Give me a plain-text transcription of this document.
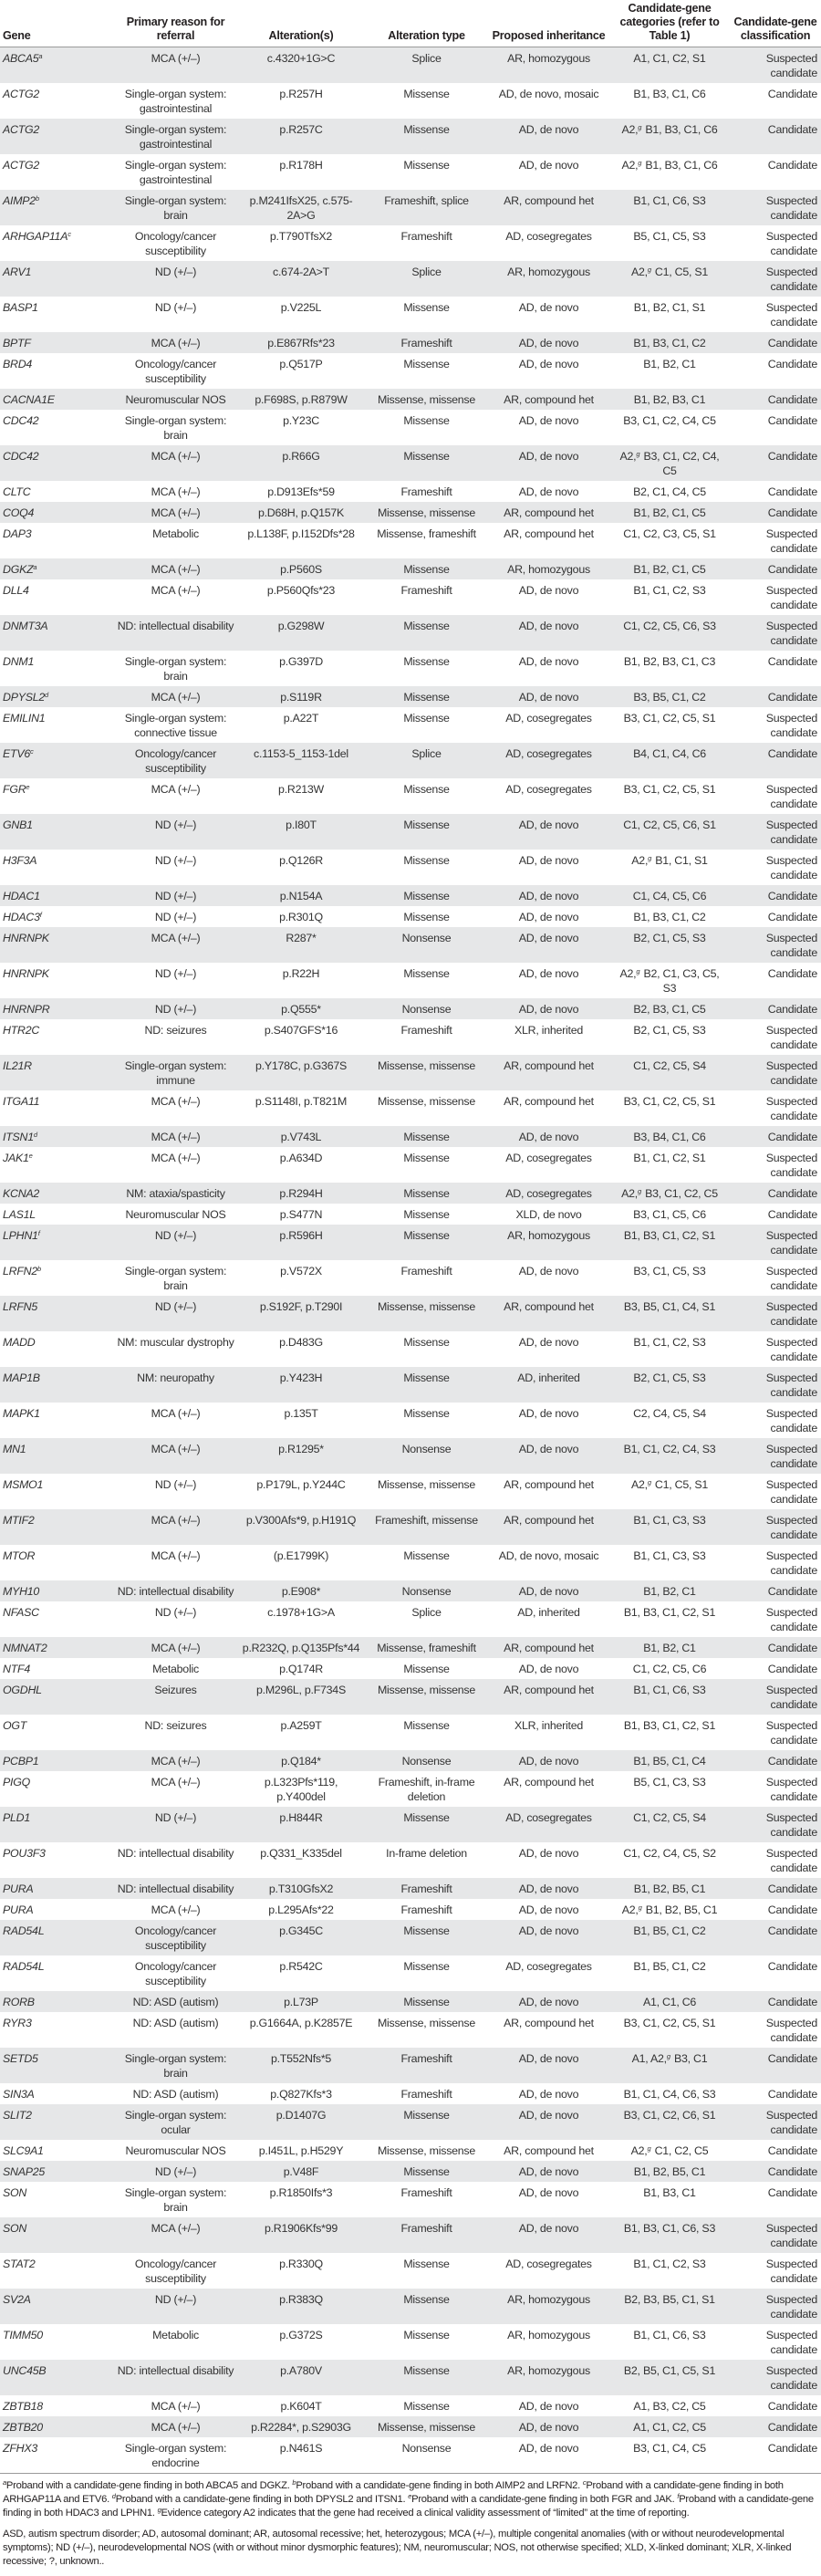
Gene	Primary reason for referral	Alteration(s)	Alteration type	Proposed inheritance	Candidate-gene categories (refer to Table 1)	Candidate-gene classification
ABCA5$^a$	MCA (+/–)	c.4320+1G>C	Splice	AR, homozygous	A1, C1, C2, S1	Suspected candidate
ACTG2	Single-organ system: gastrointestinal	p.R257H	Missense	AD, de novo, mosaic	B1, B3, C1, C6	Candidate
ACTG2	Single-organ system: gastrointestinal	p.R257C	Missense	AD, de novo	A2, g B1, B3, C1, C6	Candidate
ACTG2	Single-organ system: gastrointestinal	p.R178H	Missense	AD, de novo	A2, g B1, B3, C1, C6	Candidate
AIMP2$^b$	Single-organ system: brain	p.M241IfsX25, c.575-2A>G	Frameshift, splice	AR, compound het	B1, C1, C6, S3	Suspected candidate
$ARHGAP11A^c$	Oncology/cancer susceptibility	p.T790TfsX2	Frameshift	AD, cosegregates	B5, C1, C5, S3	Suspected candidate
ARV1	ND (+/–)	c.674-2A>T	Splice	AR, homozygous	A2, g C1, C5, S1	Suspected candidate
BASP1	ND (+/–)	p.V225L	Missense	AD, de novo	B1, B2, C1, S1	Suspected candidate
BPTF	MCA (+/–)	p.E867Rfs*23	Frameshift	AD, de novo	B1, B3, C1, C2	Candidate
BRD4	Oncology/cancer susceptibility	p.Q517P	Missense	AD, de novo	B1, B2, C1	Candidate
CACNA1E	Neuromuscular NOS	p.F698S, p.R879W	Missense, missense	AR, compound het	B1, B2, B3, C1	Candidate
CDC42	Single-organ system: brain	p.Y23C	Missense	AD, de novo	B3, C1, C2, C4, C5	Candidate
CDC42	MCA (+/–)	p.R66G	Missense	AD, de novo	A2, g B3, C1, C2, C4, C5	Candidate
CLTC	MCA (+/–)	p.D913Efs*59	Frameshift	AD, de novo	B2, C1, C4, C5	Candidate
COQ4	MCA (+/–)	p.D68H, p.Q157K	Missense, missense	AR, compound het	B1, B2, C1, C5	Candidate
DAP3	Metabolic	p.L138F, p.I152Dfs*28	Missense, frameshift	AR, compound het	C1, C2, C3, C5, S1	Suspected candidate
DGKZ$^a$	MCA (+/–)	p.P560S	Missense	AR, homozygous	B1, B2, C1, C5	Candidate
DLL4	MCA (+/–)	p.P560Qfs*23	Frameshift	AD, de novo	B1, C1, C2, S3	Suspected candidate
DNMT3A	ND: intellectual disability	p.G298W	Missense	AD, de novo	C1, C2, C5, C6, S3	Suspected candidate
DNM1	Single-organ system: brain	p.G397D	Missense	AD, de novo	B1, B2, B3, C1, C3	Candidate
DPYSL2$^d$	MCA (+/–)	p.S119R	Missense	AD, de novo	B3, B5, C1, C2	Candidate
EMILIN1	Single-organ system: connective tissue	p.A22T	Missense	AD, cosegregates	B3, C1, C2, C5, S1	Suspected candidate
ETV6$^c$	Oncology/cancer susceptibility	c.1153-5_1153-1del	Splice	AD, cosegregates	B4, C1, C4, C6	Candidate
FGR$^e$	MCA (+/–)	p.R213W	Missense	AD, cosegregates	B3, C1, C2, C5, S1	Suspected candidate
GNB1	ND (+/–)	p.I80T	Missense	AD, de novo	C1, C2, C5, C6, S1	Suspected candidate
H3F3A	ND (+/–)	p.Q126R	Missense	AD, de novo	A2, g B1, C1, S1	Suspected candidate
HDAC1	ND (+/–)	p.N154A	Missense	AD, de novo	C1, C4, C5, C6	Candidate
HDAC3$^f$	ND (+/–)	p.R301Q	Missense	AD, de novo	B1, B3, C1, C2	Candidate
HNRNPK	MCA (+/–)	R287*	Nonsense	AD, de novo	B2, C1, C5, S3	Suspected candidate
HNRNPK	ND (+/–)	p.R22H	Missense	AD, de novo	A2, g B2, C1, C3, C5, S3	Candidate
HNRNPR	ND (+/–)	p.Q555*	Nonsense	AD, de novo	B2, B3, C1, C5	Candidate
HTR2C	ND: seizures	p.S407GFS*16	Frameshift	XLR, inherited	B2, C1, C5, S3	Suspected candidate
IL21R	Single-organ system: immune	p.Y178C, p.G367S	Missense, missense	AR, compound het	C1, C2, C5, S4	Suspected candidate
ITGA11	MCA (+/–)	p.S1148I, p.T821M	Missense, missense	AR, compound het	B3, C1, C2, C5, S1	Suspected candidate
ITSN1$^d$	MCA (+/–)	p.V743L	Missense	AD, de novo	B3, B4, C1, C6	Candidate
JAK1e	MCA (+/–)	p.A634D	Missense	AD, cosegregates	B1, C1, C2, S1	Suspected candidate
KCNA2	NM: ataxia/spasticity	p.R294H	Missense	AD, cosegregates	A2, g B3, C1, C2, C5	Candidate
LAS1L	Neuromuscular NOS	p.S477N	Missense	XLD, de novo	B3, C1, C5, C6	Candidate
LPHN1$^f$	ND (+/–)	p.R596H	Missense	AR, homozygous	B1, B3, C1, C2, S1	Suspected candidate
LRFN2$^b$	Single-organ system: brain	p.V572X	Frameshift	AD, de novo	B3, C1, C5, S3	Suspected candidate
LRFN5	ND (+/–)	p.S192F, p.T290I	Missense, missense	AR, compound het	B3, B5, C1, C4, S1	Suspected candidate
MADD	NM: muscular dystrophy	p.D483G	Missense	AD, de novo	B1, C1, C2, S3	Suspected candidate
MAP1B	NM: neuropathy	p.Y423H	Missense	AD, inherited	B2, C1, C5, S3	Suspected candidate
MAPK1	MCA (+/–)	p.135T	Missense	AD, de novo	C2, C4, C5, S4	Suspected candidate
MN1	MCA (+/–)	p.R1295*	Nonsense	AD, de novo	B1, C1, C2, C4, S3	Suspected candidate
MSMO1	ND (+/–)	p.P179L, p.Y244C	Missense, missense	AR, compound het	A2, g C1, C5, S1	Suspected candidate
MTIF2	MCA (+/–)	p.V300Afs*9, p.H191Q	Frameshift, missense	AR, compound het	B1, C1, C3, S3	Suspected candidate
MTOR	MCA (+/–)	(p.E1799K)	Missense	AD, de novo, mosaic	B1, C1, C3, S3	Suspected candidate
MYH10	ND: intellectual disability	p.E908*	Nonsense	AD, de novo	B1, B2, C1	Candidate
NFASC	ND (+/–)	c.1978+1G>A	Splice	AD, inherited	B1, B3, C1, C2, S1	Suspected candidate
NMNAT2	MCA (+/–)	p.R232Q, p.Q135Pfs*44	Missense, frameshift	AR, compound het	B1, B2, C1	Candidate
NTF4	Metabolic	p.Q174R	Missense	AD, de novo	C1, C2, C5, C6	Candidate
OGDHL	Seizures	p.M296L, p.F734S	Missense, missense	AR, compound het	B1, C1, C6, S3	Suspected candidate
OGT	ND: seizures	p.A259T	Missense	XLR, inherited	B1, B3, C1, C2, S1	Suspected candidate
PCBP1	MCA (+/–)	p.Q184*	Nonsense	AD, de novo	B1, B5, C1, C4	Candidate
PIGQ	MCA (+/–)	p.L323Pfs*119, p.Y400del	Frameshift, in-frame deletion	AR, compound het	B5, C1, C3, S3	Suspected candidate
PLD1	ND (+/–)	p.H844R	Missense	AD, cosegregates	C1, C2, C5, S4	Suspected candidate
POU3F3	ND: intellectual disability	p.Q331_K335del	In-frame deletion	AD, de novo	C1, C2, C4, C5, S2	Suspected candidate
PURA	ND: intellectual disability	p.T310GfsX2	Frameshift	AD, de novo	B1, B2, B5, C1	Candidate
PURA	MCA (+/–)	p.L295Afs*22	Frameshift	AD, de novo	A2, g B1, B2, B5, C1	Candidate
RAD54L	Oncology/cancer susceptibility	p.G345C	Missense	AD, de novo	B1, B5, C1, C2	Candidate
RAD54L	Oncology/cancer susceptibility	p.R542C	Missense	AD, cosegregates	B1, B5, C1, C2	Candidate
RORB	ND: ASD (autism)	p.L73P	Missense	AD, de novo	A1, C1, C6	Candidate
RYR3	ND: ASD (autism)	p.G1664A, p.K2857E	Missense, missense	AR, compound het	B3, C1, C2, C5, S1	Suspected candidate
SETD5	Single-organ system: brain	p.T552Nfs*5	Frameshift	AD, de novo	A1, A2, g B3, C1	Candidate
SIN3A	ND: ASD (autism)	p.Q827Kfs*3	Frameshift	AD, de novo	B1, C1, C4, C6, S3	Candidate
SLIT2	Single-organ system: ocular	p.D1407G	Missense	AD, de novo	B3, C1, C2, C6, S1	Suspected candidate
SLC9A1	Neuromuscular NOS	p.I451L, p.H529Y	Missense, missense	AR, compound het	A2, g C1, C2, C5	Candidate
SNAP25	ND (+/–)	p.V48F	Missense	AD, de novo	B1, B2, B5, C1	Candidate
SON	Single-organ system: brain	p.R1850Ifs*3	Frameshift	AD, de novo	B1, B3, C1	Candidate
SON	MCA (+/–)	p.R1906Kfs*99	Frameshift	AD, de novo	B1, B3, C1, C6, S3	Suspected candidate
STAT2	Oncology/cancer susceptibility	p.R330Q	Missense	AD, cosegregates	B1, C1, C2, S3	Suspected candidate
SV2A	ND (+/–)	p.R383Q	Missense	AR, homozygous	B2, B3, B5, C1, S1	Suspected candidate
TIMM50	Metabolic	p.G372S	Missense	AR, homozygous	B1, C1, C6, S3	Suspected candidate
UNC45B	ND: intellectual disability	p.A780V	Missense	AR, homozygous	B2, B5, C1, C5, S1	Suspected candidate
ZBTB18	MCA (+/–)	p.K604T	Missense	AD, de novo	A1, B3, C2, C5	Candidate
ZBTB20	MCA (+/–)	p.R2284*, p.S2903G	Missense, missense	AD, de novo	A1, C1, C2, C5	Candidate
ZFHX3	Single-organ system: endocrine	p.N461S	Nonsense	AD, de novo	B3, C1, C4, C5	Candidate

$^a$Proband with a candidate-gene finding in both ABCA5 and DGKZ. $^b$Proband with a candidate-gene finding in both AIMP2 and LRFN2. $^c$Proband with a candidate-gene finding in both ARHGAP11A and ETV6. $^d$Proband with a candidate-gene finding in both DPYSL2 and ITSN1. $^e$Proband with a candidate-gene finding in both FGR and JAK. $^f$Proband with a candidate-gene finding in both HDAC3 and LPHN1. $^g$Evidence category A2 indicates that the gene had received a clinical validity assessment of “limited” at the time of reporting.

ASD, autism spectrum disorder; AD, autosomal dominant; AR, autosomal recessive; het, heterozygous; MCA (+/–), multiple congenital anomalies (with or without neurodevelopmental symptoms); ND (+/–), neurodevelopmental NOS (with or without minor dysmorphic features); NM, neuromuscular; NOS, not otherwise specified; XLD, X-linked dominant; XLR, X-linked recessive; ?, unknown..
